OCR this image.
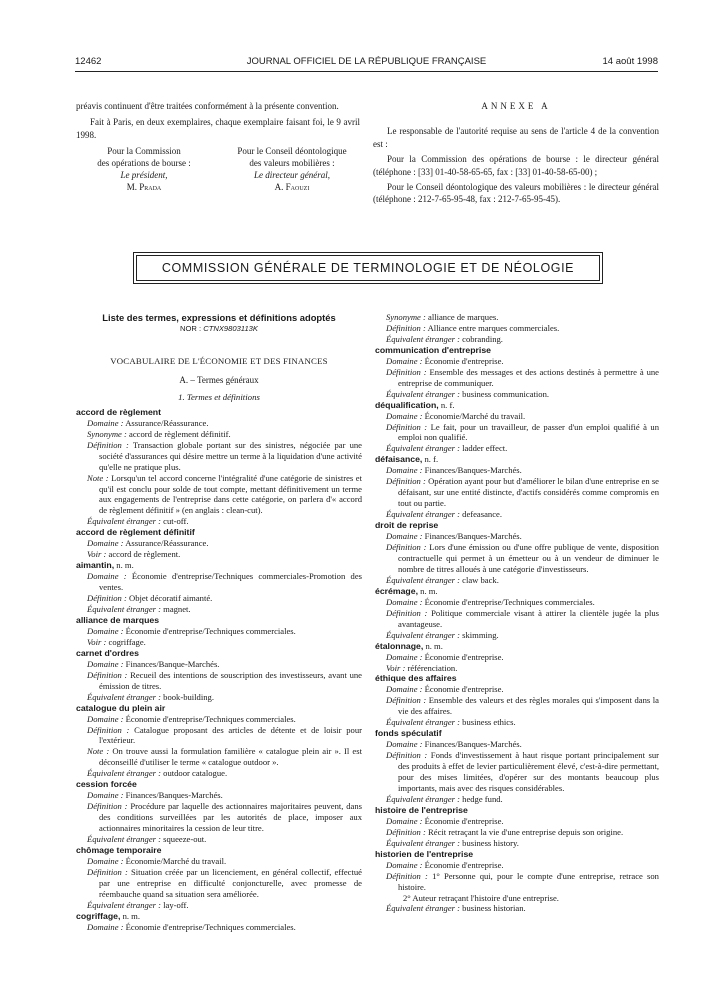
12462	JOURNAL OFFICIEL DE LA RÉPUBLIQUE FRANÇAISE	14 août 1998

préavis continuent d'être traitées conformément à la présente convention.

Fait à Paris, en deux exemplaires, chaque exemplaire faisant foi, le 9 avril 1998.

Pour la Commission
des opérations de bourse :
Le président,
M. Prada
Pour le Conseil déontologique
des valeurs mobilières :
Le directeur général,
A. Faouzi
ANNEXE A

Le responsable de l'autorité requise au sens de l'article 4 de la convention est :

Pour la Commission des opérations de bourse : le directeur général (téléphone : [33] 01-40-58-65-65, fax : [33] 01-40-58-65-00) ;

Pour le Conseil déontologique des valeurs mobilières : le directeur général (téléphone : 212-7-65-95-48, fax : 212-7-65-95-45).

COMMISSION GÉNÉRALE DE TERMINOLOGIE ET DE NÉOLOGIE

Liste des termes, expressions et définitions adoptés

NOR : CTNX9803113K

VOCABULAIRE DE L'ÉCONOMIE ET DES FINANCES

A. – Termes généraux

1. Termes et définitions

accord de règlement

Domaine : Assurance/Réassurance.

Synonyme : accord de règlement définitif.

Définition : Transaction globale portant sur des sinistres, négociée par une société d'assurances qui désire mettre un terme à la liquidation d'une activité qu'elle ne pratique plus.

Note : Lorsqu'un tel accord concerne l'intégralité d'une catégorie de sinistres et qu'il est conclu pour solde de tout compte, mettant définitivement un terme aux engagements de l'entreprise dans cette catégorie, on parlera d'« accord de règlement définitif » (en anglais : clean-cut).

Équivalent étranger : cut-off.

accord de règlement définitif

Domaine : Assurance/Réassurance.

Voir : accord de règlement.

aimantin, n. m.

Domaine : Économie d'entreprise/Techniques commerciales-Promotion des ventes.

Définition : Objet décoratif aimanté.

Équivalent étranger : magnet.

alliance de marques

Domaine : Économie d'entreprise/Techniques commerciales.

Voir : cogriffage.

carnet d'ordres

Domaine : Finances/Banque-Marchés.

Définition : Recueil des intentions de souscription des investisseurs, avant une émission de titres.

Équivalent étranger : book-building.

catalogue du plein air

Domaine : Économie d'entreprise/Techniques commerciales.

Définition : Catalogue proposant des articles de détente et de loisir pour l'extérieur.

Note : On trouve aussi la formulation familière « catalogue plein air ». Il est déconseillé d'utiliser le terme « catalogue outdoor ».

Équivalent étranger : outdoor catalogue.

cession forcée

Domaine : Finances/Banques-Marchés.

Définition : Procédure par laquelle des actionnaires majoritaires peuvent, dans des conditions surveillées par les autorités de place, imposer aux actionnaires minoritaires la cession de leur titre.

Équivalent étranger : squeeze-out.

chômage temporaire

Domaine : Économie/Marché du travail.

Définition : Situation créée par un licenciement, en général collectif, effectué par une entreprise en difficulté conjoncturelle, avec promesse de réembauche quand sa situation sera améliorée.

Équivalent étranger : lay-off.

cogriffage, n. m.

Domaine : Économie d'entreprise/Techniques commerciales.

Synonyme : alliance de marques.

Définition : Alliance entre marques commerciales.

Équivalent étranger : cobranding.

communication d'entreprise

Domaine : Économie d'entreprise.

Définition : Ensemble des messages et des actions destinés à permettre à une entreprise de communiquer.

Équivalent étranger : business communication.

déqualification, n. f.

Domaine : Économie/Marché du travail.

Définition : Le fait, pour un travailleur, de passer d'un emploi qualifié à un emploi non qualifié.

Équivalent étranger : ladder effect.

défaisance, n. f.

Domaine : Finances/Banques-Marchés.

Définition : Opération ayant pour but d'améliorer le bilan d'une entreprise en se défaisant, sur une entité distincte, d'actifs considérés comme compromis en tout ou partie.

Équivalent étranger : defeasance.

droit de reprise

Domaine : Finances/Banques-Marchés.

Définition : Lors d'une émission ou d'une offre publique de vente, disposition contractuelle qui permet à un émetteur ou à un vendeur de diminuer le nombre de titres alloués à une catégorie d'investisseurs.

Équivalent étranger : claw back.

écrémage, n. m.

Domaine : Économie d'entreprise/Techniques commerciales.

Définition : Politique commerciale visant à attirer la clientèle jugée la plus avantageuse.

Équivalent étranger : skimming.

étalonnage, n. m.

Domaine : Économie d'entreprise.

Voir : référenciation.

éthique des affaires

Domaine : Économie d'entreprise.

Définition : Ensemble des valeurs et des règles morales qui s'imposent dans la vie des affaires.

Équivalent étranger : business ethics.

fonds spéculatif

Domaine : Finances/Banques-Marchés.

Définition : Fonds d'investissement à haut risque portant principalement sur des produits à effet de levier particulièrement élevé, c'est-à-dire permettant, pour des mises limitées, d'opérer sur des montants beaucoup plus importants, mais avec des risques considérables.

Équivalent étranger : hedge fund.

histoire de l'entreprise

Domaine : Économie d'entreprise.

Définition : Récit retraçant la vie d'une entreprise depuis son origine.

Équivalent étranger : business history.

historien de l'entreprise

Domaine : Économie d'entreprise.

Définition : 1° Personne qui, pour le compte d'une entreprise, retrace son histoire.

2° Auteur retraçant l'histoire d'une entreprise.

Équivalent étranger : business historian.
